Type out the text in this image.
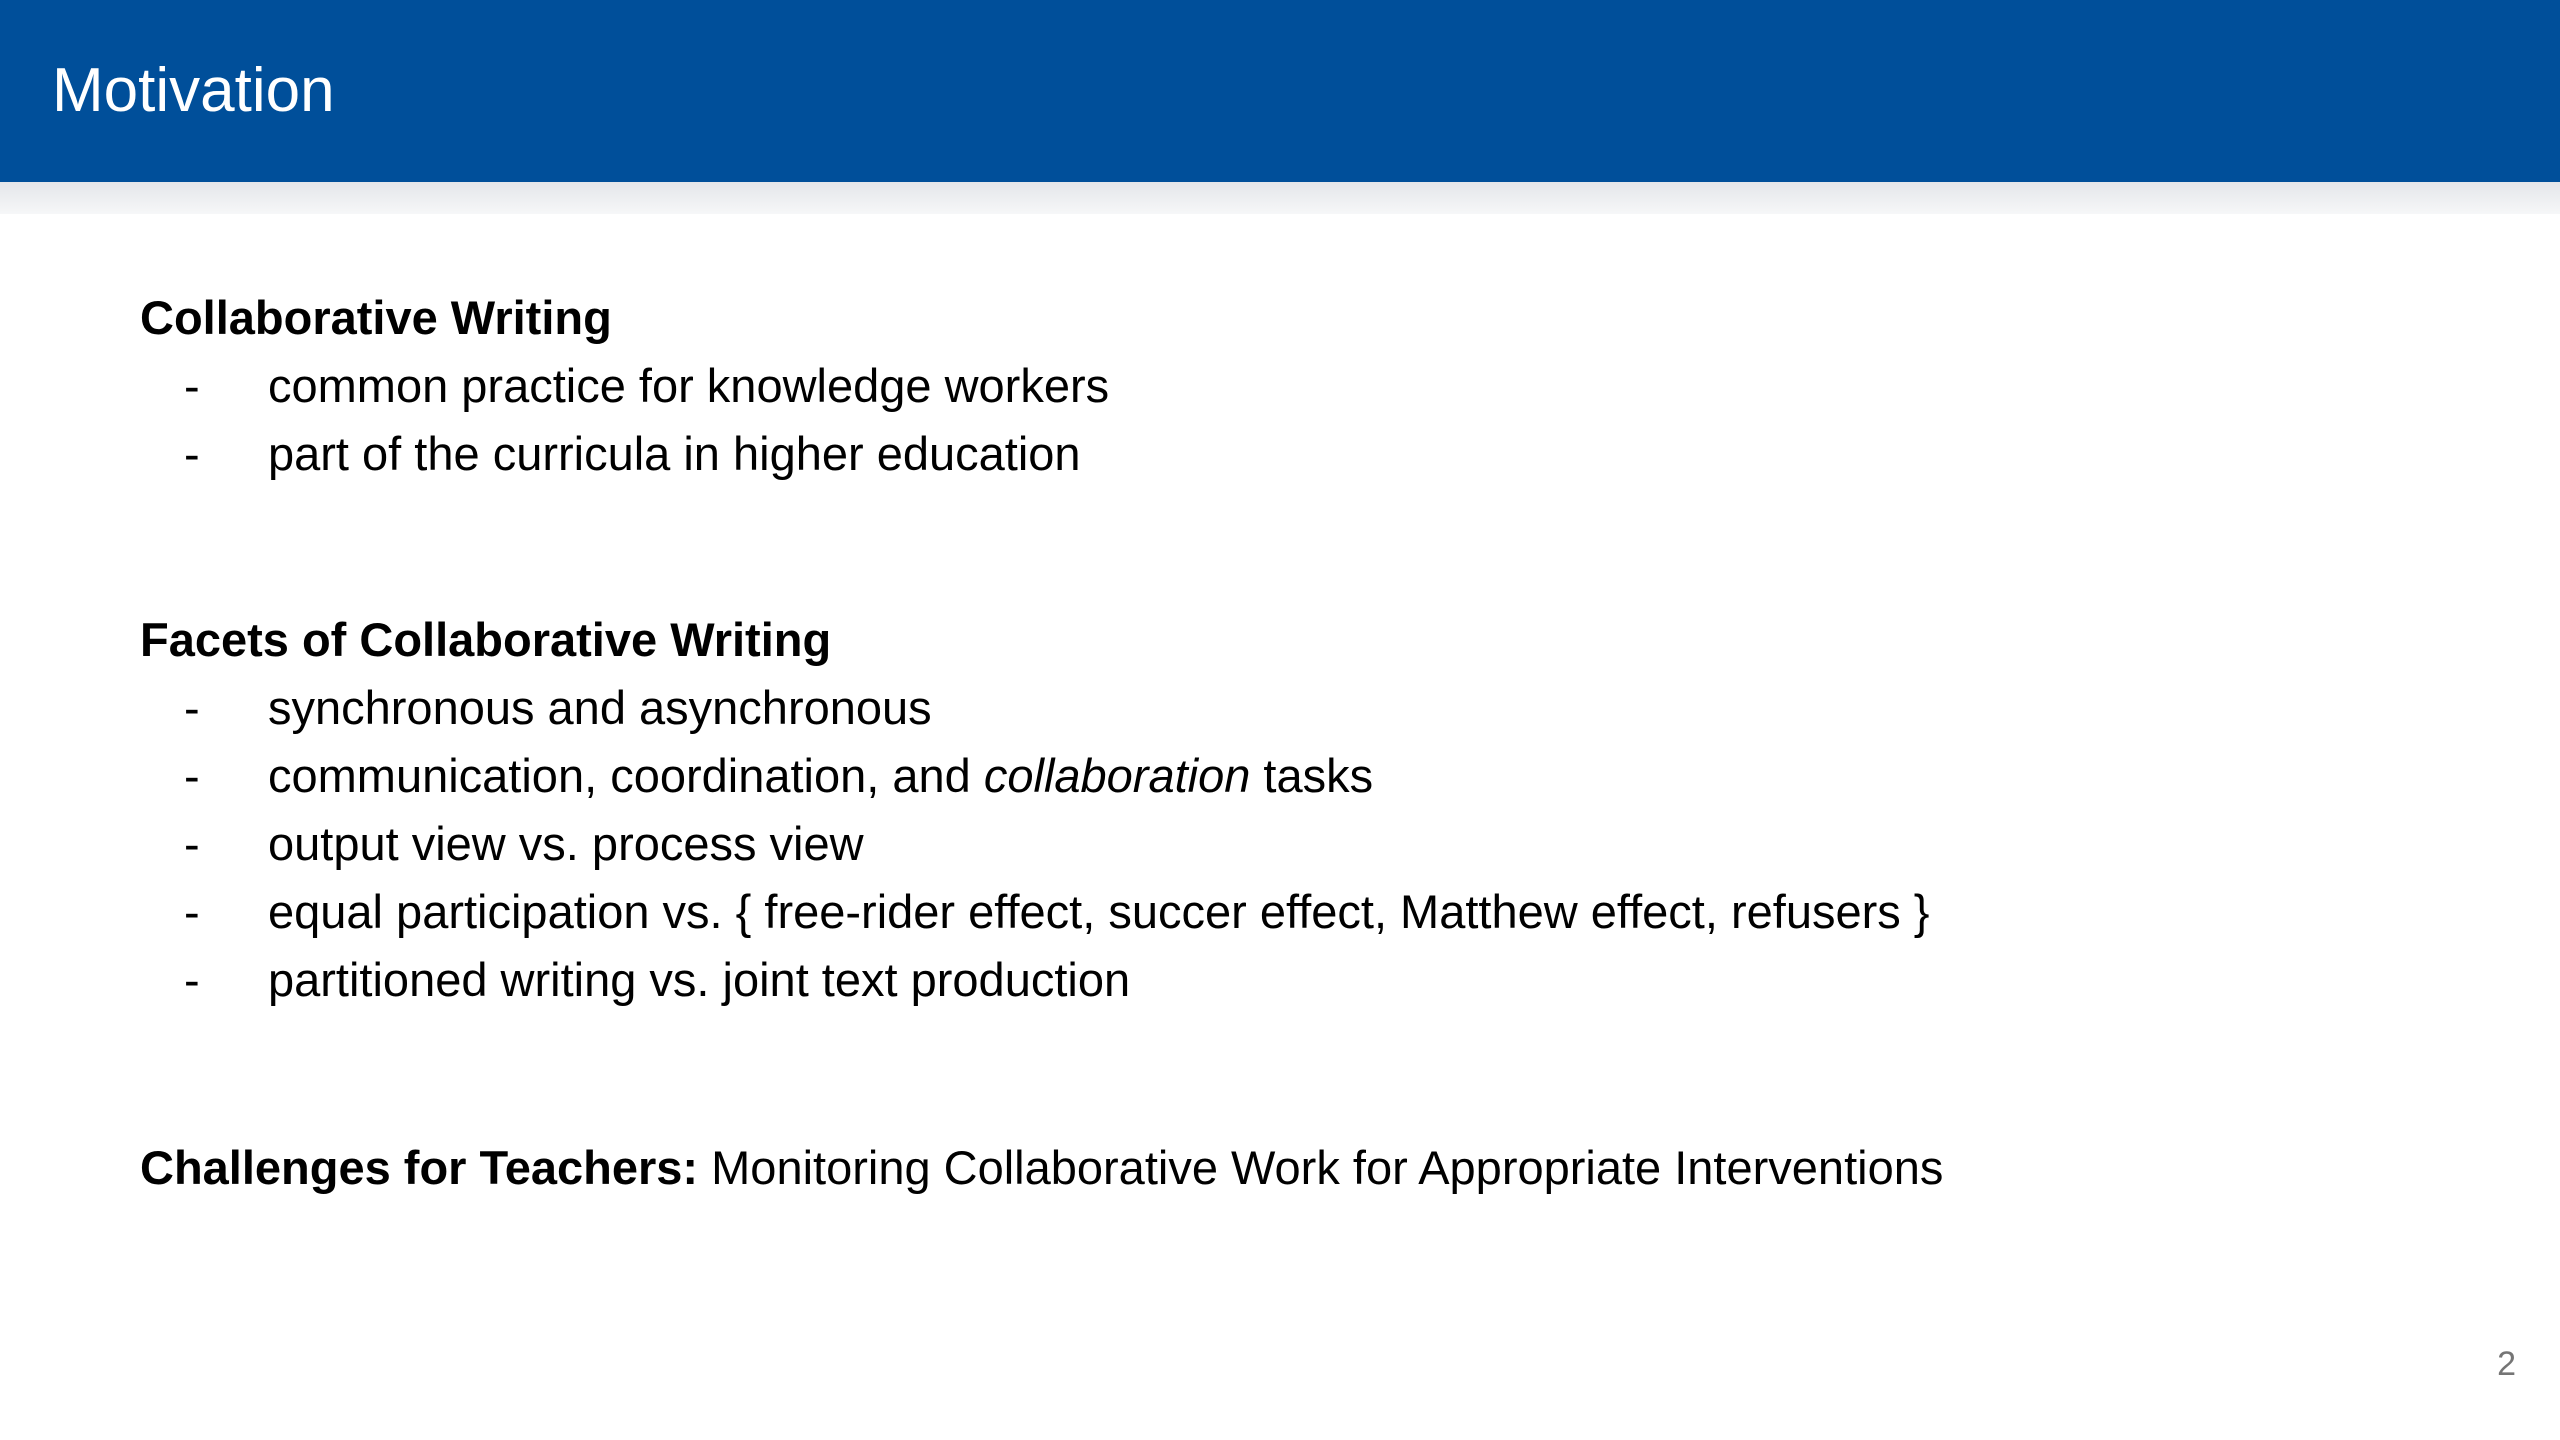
Motivation
Collaborative Writing
- common practice for knowledge workers
- part of the curricula in higher education
Facets of Collaborative Writing
- synchronous and asynchronous
- communication, coordination, and collaboration tasks
- output view vs. process view
- equal participation vs. { free-rider effect, succer effect, Matthew effect, refusers }
- partitioned writing vs. joint text production
Challenges for Teachers: Monitoring Collaborative Work for Appropriate Interventions
2
